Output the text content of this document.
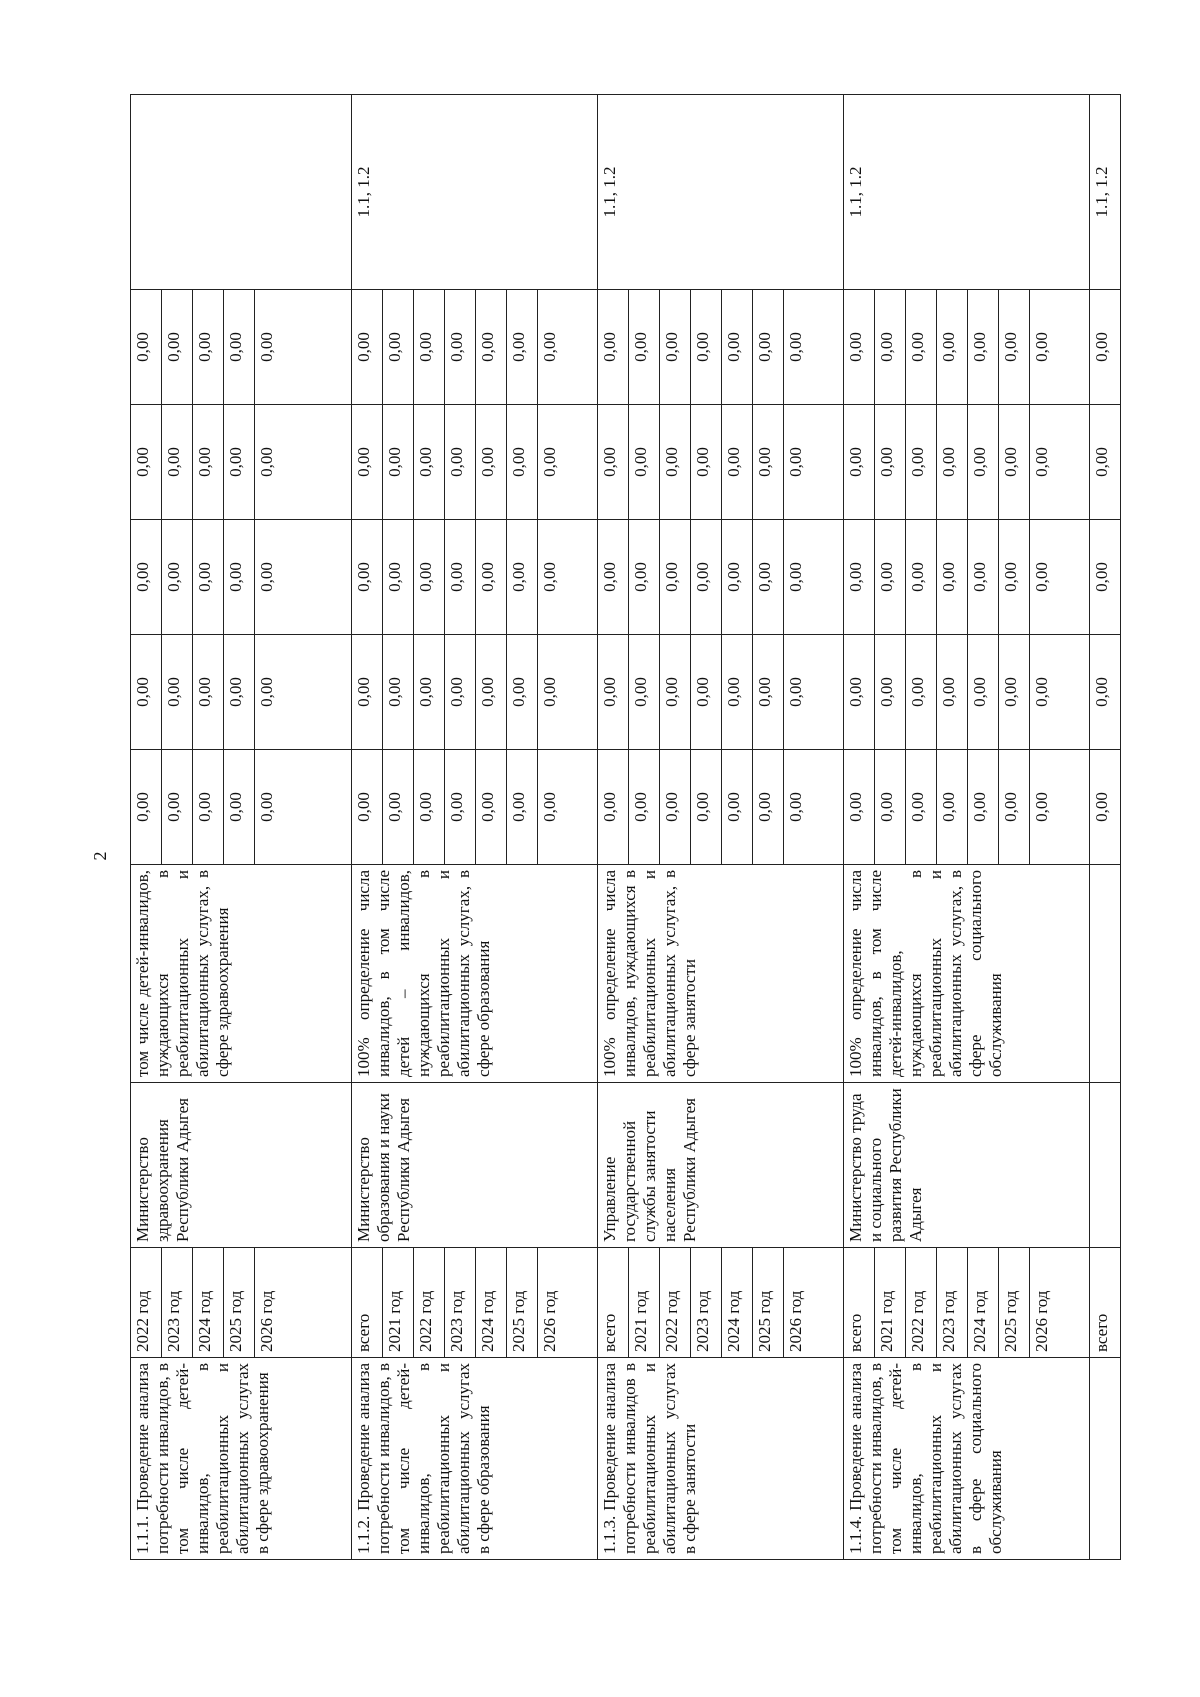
2
1.1.1. Проведение анализа потребности инвалидов, в том числе детей-инвалидов, в реабилитационных и абилитационных услугах в сфере здравоохранения	2022 год	Министерство здравоохранения Республики Адыгея	том числе детей-инвалидов, нуждающихся в реабилитационных и абилитационных услугах, в сфере здравоохранения	0,00	0,00	0,00	0,00	0,00	
	2023 год			0,00	0,00	0,00	0,00	0,00	
	2024 год			0,00	0,00	0,00	0,00	0,00	
	2025 год			0,00	0,00	0,00	0,00	0,00	
	2026 год			0,00	0,00	0,00	0,00	0,00	
1.1.2. Проведение анализа потребности инвалидов, в том числе детей-инвалидов, в реабилитационных и абилитационных услугах в сфере образования	всего	Министерство образования и науки Республики Адыгея	100% определение числа инвалидов, в том числе детей – инвалидов, нуждающихся в реабилитационных и абилитационных услугах, в сфере образования	0,00	0,00	0,00	0,00	0,00	1.1, 1.2
	2021 год			0,00	0,00	0,00	0,00	0,00	
	2022 год			0,00	0,00	0,00	0,00	0,00	
	2023 год			0,00	0,00	0,00	0,00	0,00	
	2024 год			0,00	0,00	0,00	0,00	0,00	
	2025 год			0,00	0,00	0,00	0,00	0,00	
	2026 год			0,00	0,00	0,00	0,00	0,00	
1.1.3. Проведение анализа потребности инвалидов в реабилитационных и абилитационных услугах в сфере занятости	всего	Управление государственной службы занятости населения Республики Адыгея	100% определение числа инвалидов, нуждающихся в реабилитационных и абилитационных услугах, в сфере занятости	0,00	0,00	0,00	0,00	0,00	1.1, 1.2
	2021 год			0,00	0,00	0,00	0,00	0,00	
	2022 год			0,00	0,00	0,00	0,00	0,00	
	2023 год			0,00	0,00	0,00	0,00	0,00	
	2024 год			0,00	0,00	0,00	0,00	0,00	
	2025 год			0,00	0,00	0,00	0,00	0,00	
	2026 год			0,00	0,00	0,00	0,00	0,00	
1.1.4. Проведение анализа потребности инвалидов, в том числе детей-инвалидов, в реабилитационных и абилитационных услугах в сфере социального обслуживания	всего	Министерство труда и социального развития Республики Адыгея	100% определение числа инвалидов, в том числе детей-инвалидов, нуждающихся в реабилитационных и абилитационных услугах, в сфере социального обслуживания	0,00	0,00	0,00	0,00	0,00	1.1, 1.2
	2021 год			0,00	0,00	0,00	0,00	0,00	
	2022 год			0,00	0,00	0,00	0,00	0,00	
	2023 год			0,00	0,00	0,00	0,00	0,00	
	2024 год			0,00	0,00	0,00	0,00	0,00	
	2025 год			0,00	0,00	0,00	0,00	0,00	
	2026 год			0,00	0,00	0,00	0,00	0,00	
	всего			0,00	0,00	0,00	0,00	0,00	1.1, 1.2
